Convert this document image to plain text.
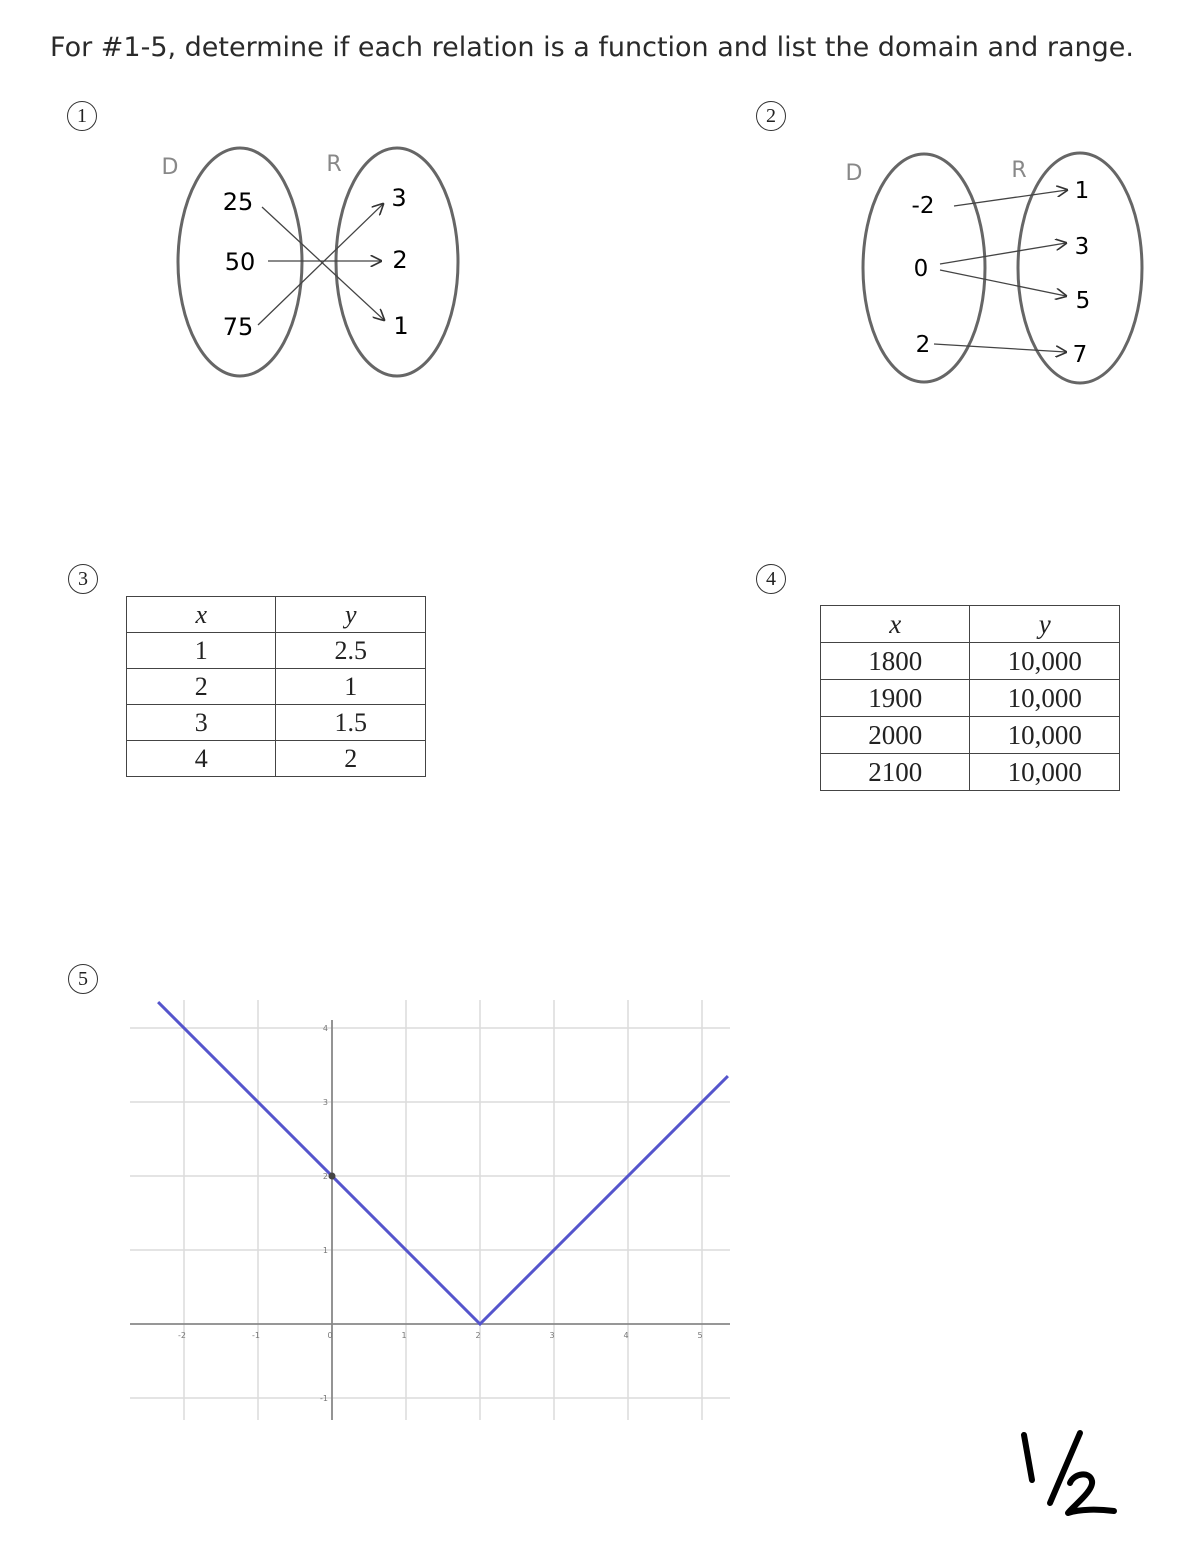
For #1-5, determine if each relation is a function and list the domain and range.
1	2
3	4
5
D	R
25
50
75
3
2
1
D	R
-2
0
2
1
3
5
7
x	y
1	2.5
2	1
3	1.5
4	2
x	y
1800	10,000
1900	10,000
2000	10,000
2100	10,000
-2	-1	0	1	2	3	4	5
-1
1
2
3
4
½
